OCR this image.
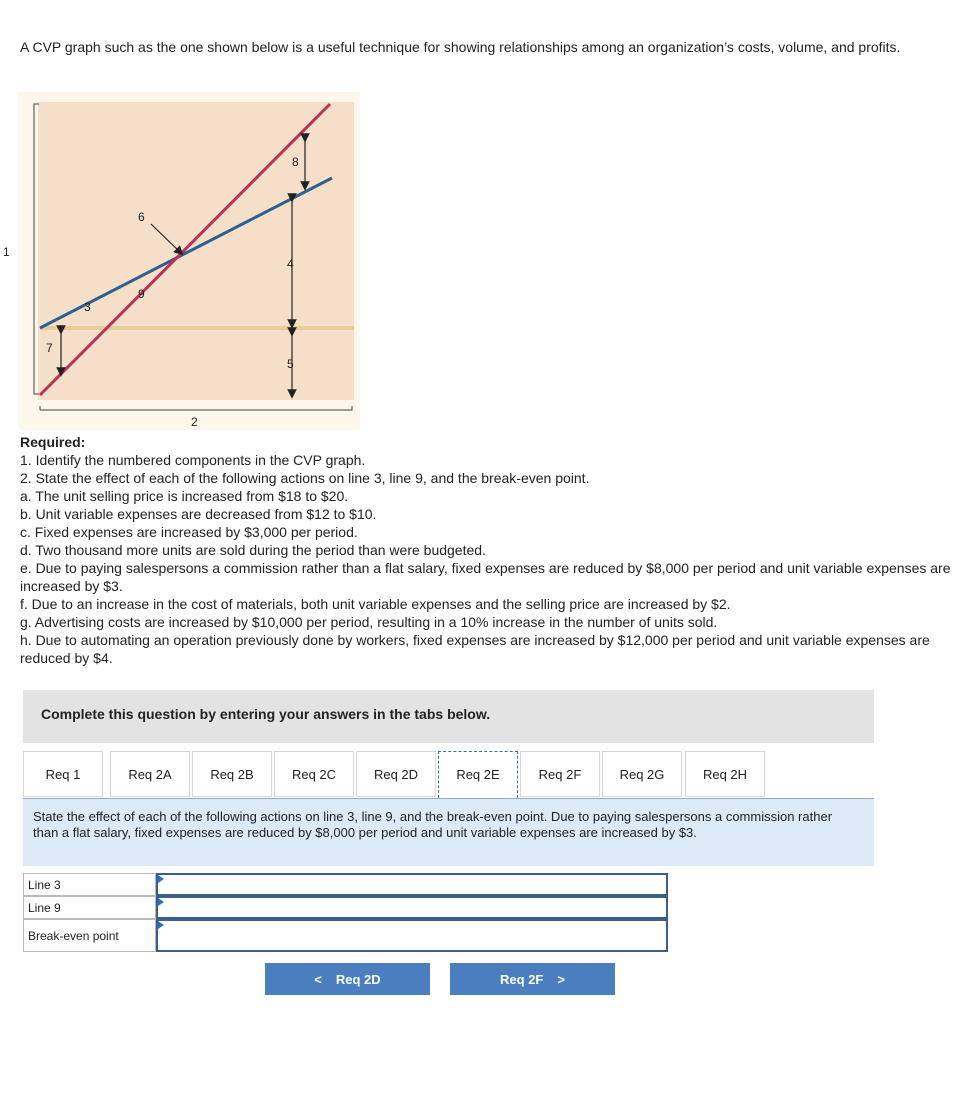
A CVP graph such as the one shown below is a useful technique for showing relationships among an organization’s costs, volume, and profits.

1
2
3
4
5
6
7
8
9

Required:

1. Identify the numbered components in the CVP graph.

2. State the effect of each of the following actions on line 3, line 9, and the break-even point.

a. The unit selling price is increased from $18 to $20.

b. Unit variable expenses are decreased from $12 to $10.

c. Fixed expenses are increased by $3,000 per period.

d. Two thousand more units are sold during the period than were budgeted.

e. Due to paying salespersons a commission rather than a flat salary, fixed expenses are reduced by $8,000 per period and unit variable expenses are increased by $3.

f. Due to an increase in the cost of materials, both unit variable expenses and the selling price are increased by $2.

g. Advertising costs are increased by $10,000 per period, resulting in a 10% increase in the number of units sold.

h. Due to automating an operation previously done by workers, fixed expenses are increased by $12,000 per period and unit variable expenses are reduced by $4.

Complete this question by entering your answers in the tabs below.
Req 1	Req 2A	Req 2B	Req 2C	Req 2D	Req 2E	Req 2F	Req 2G	Req 2H
State the effect of each of the following actions on line 3, line 9, and the break-even point. Due to paying salespersons a commission rather than a flat salary, fixed expenses are reduced by $8,000 per period and unit variable expenses are increased by $3.
Line 3
Line 9
Break-even point
< Req 2D	Req 2F >
